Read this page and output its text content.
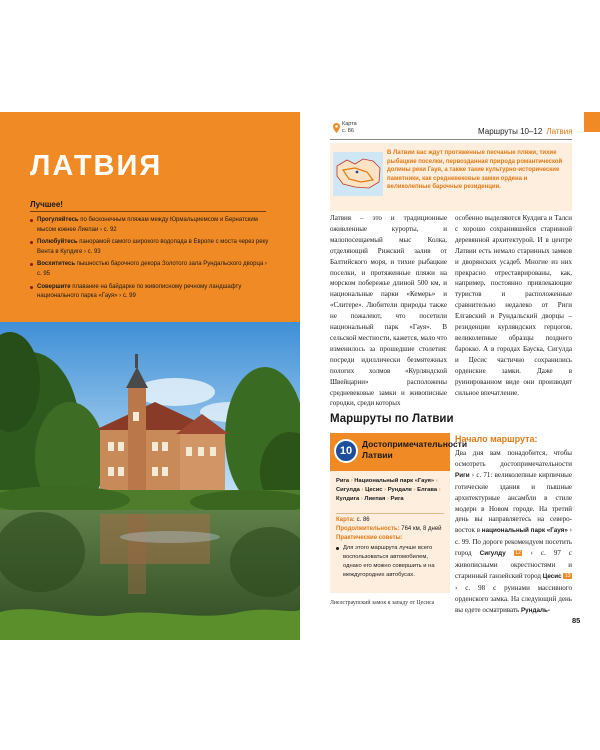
ЛАТВИЯ
Лучшее!
Прогуляйтесь по бесконечным пляжам между Юрмальциемсом и Бернатским мысом южнее Лиепаи › с. 92
Полюбуйтесь панорамой самого широкого водопада в Европе с моста через реку Вента в Кулдиге › с. 93
Восхититесь пышностью барочного декора Золотого зала Рундальского дворца › с. 95
Совершите плавание на байдарке по живописному речному ландшафту национального парка «Гауя» › с. 99
Карта
с. 86	Маршруты 10–12 Латвия
В Латвии вас ждут протяженные песчаные пляжи, тихие рыбацкие поселки, первозданная природа романтической долины реки Гауя, а также такие культурно-исторические памятники, как средневековые замки ордена и великолепные барочные резиденции.
Латвия – это и традиционные оживленные курорты, и малопосещаемый мыс Колка, отделяющий Рижский залив от Балтийского моря, и тихие рыбацкие поселки, и протяженные пляжи на морском побережье длиной 500 км, и национальные парки «Кемерь» и «Слитере». Любители природы также не пожалеют, что посетили национальный парк «Гауя». В сельской местности, кажется, мало что изменилось за прошедшие столетия: посреди идиллически безмятежных пологих холмов «Курляндской Швейцарии» расположены средневековые замки и живописные городки, среди которых
особенно выделяются Кулдига и Талси с хорошо сохранившейся старинной деревянной архитектурой. И в центре Латвии есть немало старинных замков и дворянских усадеб. Многие из них прекрасно отреставрированы, как, например, постоянно привлекающие туристов и расположенные сравнительно недалеко от Риги Елгавский и Рундальский дворцы – резиденции курляндских герцогов, великолепные образцы позднего барокко. А в городах Бауска, Сигулда и Цесис частично сохранились орденские замки. Даже в руинированном виде они производят сильное впечатление.
Маршруты по Латвии
10
Достопримечательности Латвии
Рига › Национальный парк «Гауя» › Сигулда › Цесис › Рундале › Елгава › Кулдига › Лиепая › Рига
Карта: с. 86
Продолжительность: 764 км, 8 дней
Практические советы:
Для этого маршрута лучше всего воспользоваться автомобилем, однако его можно совершить и на междугородних автобусах.
Лиелстраупский замок к западу от Цесиса
Начало маршрута:
Два дня вам понадобится, чтобы осмотреть достопримечательности Риги › с. 71: великолепные кирпичные готические здания и пышные архитектурные ансамбли в стиле модерн в Новом городе. На третий день вы направляетесь на северо-восток в национальный парк «Гауя» › с. 99. По дороге рекомендуем посетить город Сигулду 12 › с. 97 с живописными окрестностями и старинный ганзейский город Цесис 13 › с. 98 с руинами массивного орденского замка. На следующий день вы едете осматривать Рундаль-
85
